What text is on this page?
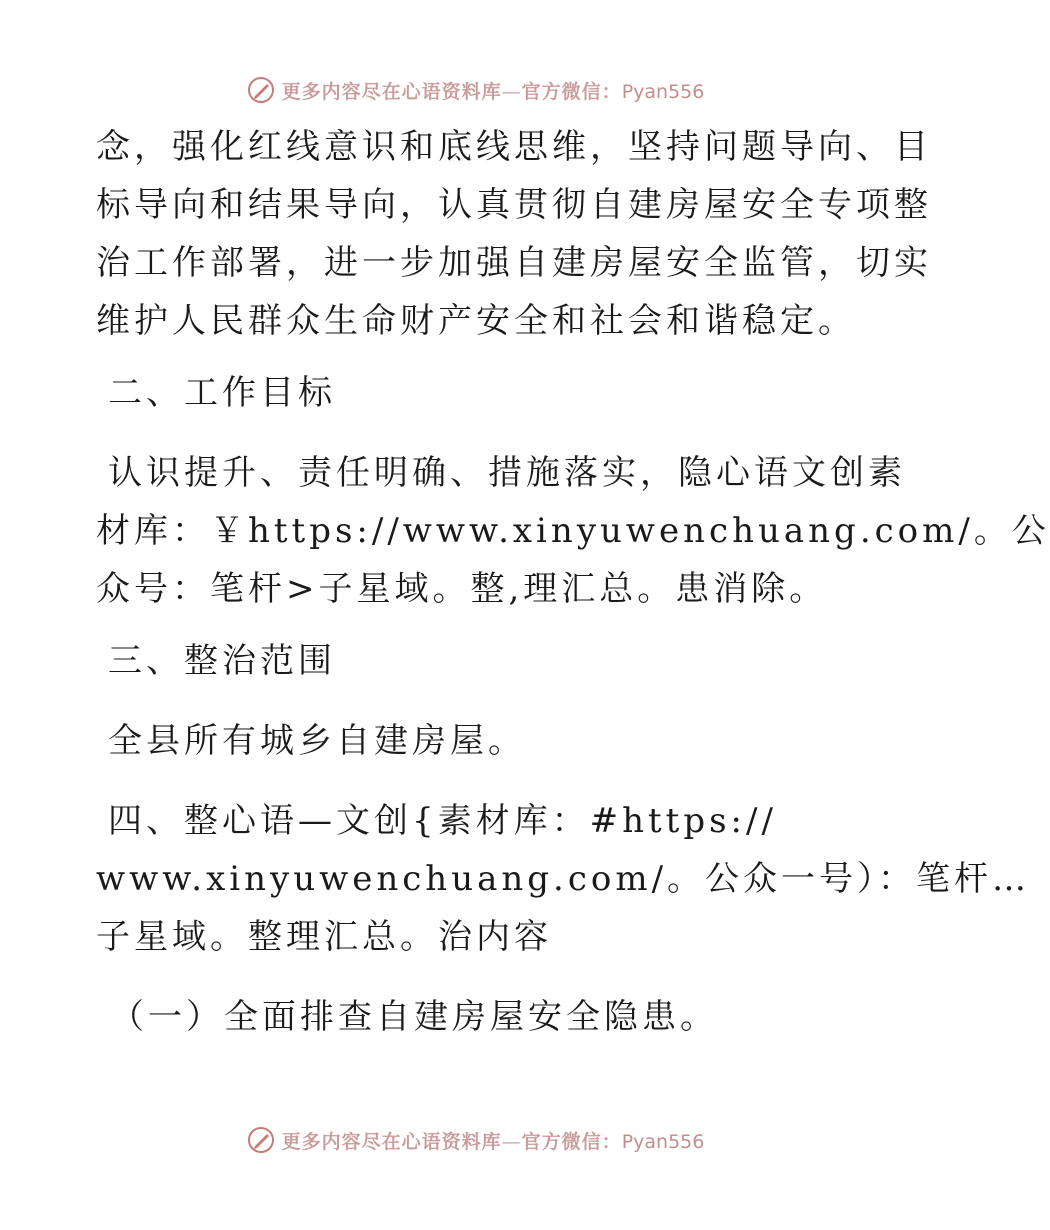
更多内容尽在心语资料库—官方微信：Pyan556
念，强化红线意识和底线思维，坚持问题导向、目
标导向和结果导向，认真贯彻自建房屋安全专项整
治工作部署，进一步加强自建房屋安全监管，切实
维护人民群众生命财产安全和社会和谐稳定。
二、工作目标
认识提升、责任明确、措施落实，隐心语文创素
材库：￥https://www.xinyuwenchuang.com/。公
众号：笔杆>子星域。整,理汇总。患消除。
三、整治范围
全县所有城乡自建房屋。
四、整心语—文创{素材库：#https://
www.xinyuwenchuang.com/。公众一号）：笔杆…
子星域。整理汇总。治内容
（一）全面排查自建房屋安全隐患。
更多内容尽在心语资料库—官方微信：Pyan556
